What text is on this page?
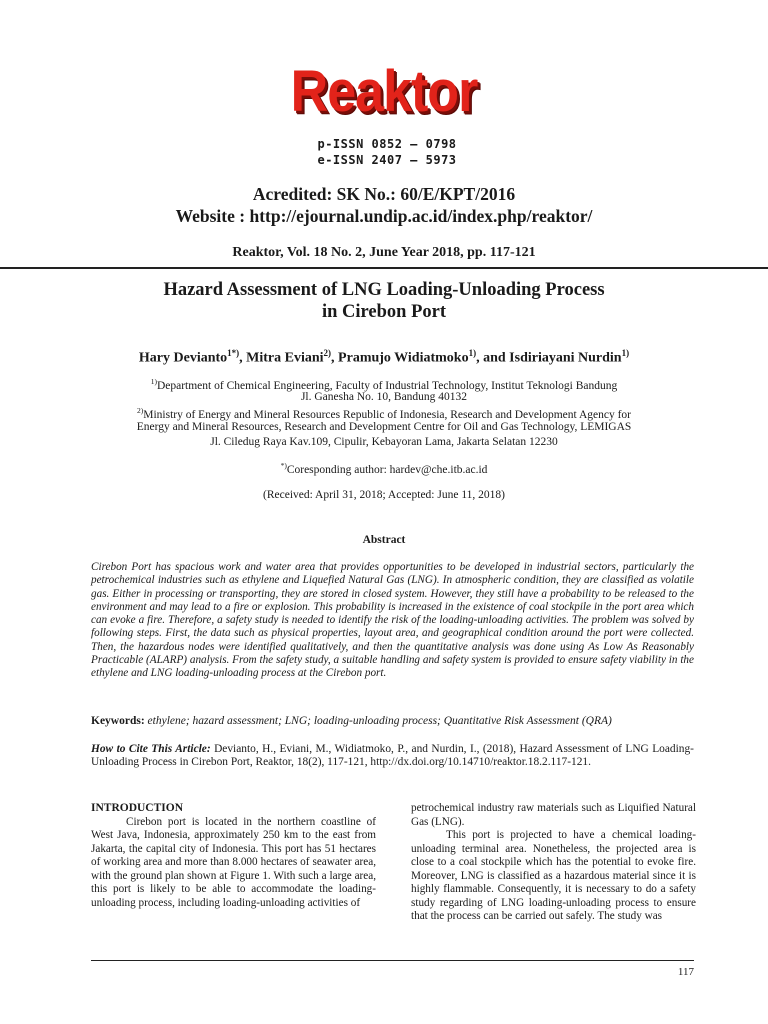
Reaktor
p-ISSN 0852 – 0798
e-ISSN 2407 – 5973
Acredited: SK No.: 60/E/KPT/2016
Website : http://ejournal.undip.ac.id/index.php/reaktor/
Reaktor, Vol. 18 No. 2, June Year 2018, pp. 117-121
Hazard Assessment of LNG Loading-Unloading Process
in Cirebon Port
Hary Devianto$^{1*)}$, Mitra Eviani$^{2)}$, Pramujo Widiatmoko$^{1)}$, and Isdiriayani Nurdin$^{1)}$
$^{1)}$Department of Chemical Engineering, Faculty of Industrial Technology, Institut Teknologi Bandung
Jl. Ganesha No. 10, Bandung 40132
$^{2)}$Ministry of Energy and Mineral Resources Republic of Indonesia, Research and Development Agency for
Energy and Mineral Resources, Research and Development Centre for Oil and Gas Technology, LEMIGAS
Jl. Ciledug Raya Kav.109, Cipulir, Kebayoran Lama, Jakarta Selatan 12230
*)Coresponding author: hardev@che.itb.ac.id
(Received: April 31, 2018; Accepted: June 11, 2018)
Abstract
Cirebon Port has spacious work and water area that provides opportunities to be developed in industrial sectors, particularly the petrochemical industries such as ethylene and Liquefied Natural Gas (LNG). In atmospheric condition, they are classified as volatile gas. Either in processing or transporting, they are stored in closed system. However, they still have a probability to be released to the environment and may lead to a fire or explosion. This probability is increased in the existence of coal stockpile in the port area which can evoke a fire. Therefore, a safety study is needed to identify the risk of the loading-unloading activities. The problem was solved by following steps. First, the data such as physical properties, layout area, and geographical condition around the port were collected. Then, the hazardous nodes were identified qualitatively, and then the quantitative analysis was done using As Low As Reasonably Practicable (ALARP) analysis. From the safety study, a suitable handling and safety system is provided to ensure safety viability in the ethylene and LNG loading-unloading process at the Cirebon port.
Keywords: ethylene; hazard assessment; LNG; loading-unloading process; Quantitative Risk Assessment (QRA)
How to Cite This Article: Devianto, H., Eviani, M., Widiatmoko, P., and Nurdin, I., (2018), Hazard Assessment of LNG Loading-Unloading Process in Cirebon Port, Reaktor, 18(2), 117-121, http://dx.doi.org/10.14710/reaktor.18.2.117-121.
INTRODUCTION

Cirebon port is located in the northern coastline of West Java, Indonesia, approximately 250 km to the east from Jakarta, the capital city of Indonesia. This port has 51 hectares of working area and more than 8.000 hectares of seawater area, with the ground plan shown at Figure 1. With such a large area, this port is likely to be able to accommodate the loading-unloading process, including loading-unloading activities of

petrochemical industry raw materials such as Liquified Natural Gas (LNG).

This port is projected to have a chemical loading-unloading terminal area. Nonetheless, the projected area is close to a coal stockpile which has the potential to evoke fire. Moreover, LNG is classified as a hazardous material since it is highly flammable. Consequently, it is necessary to do a safety study regarding of LNG loading-unloading process to ensure that the process can be carried out safely. The study was

117
